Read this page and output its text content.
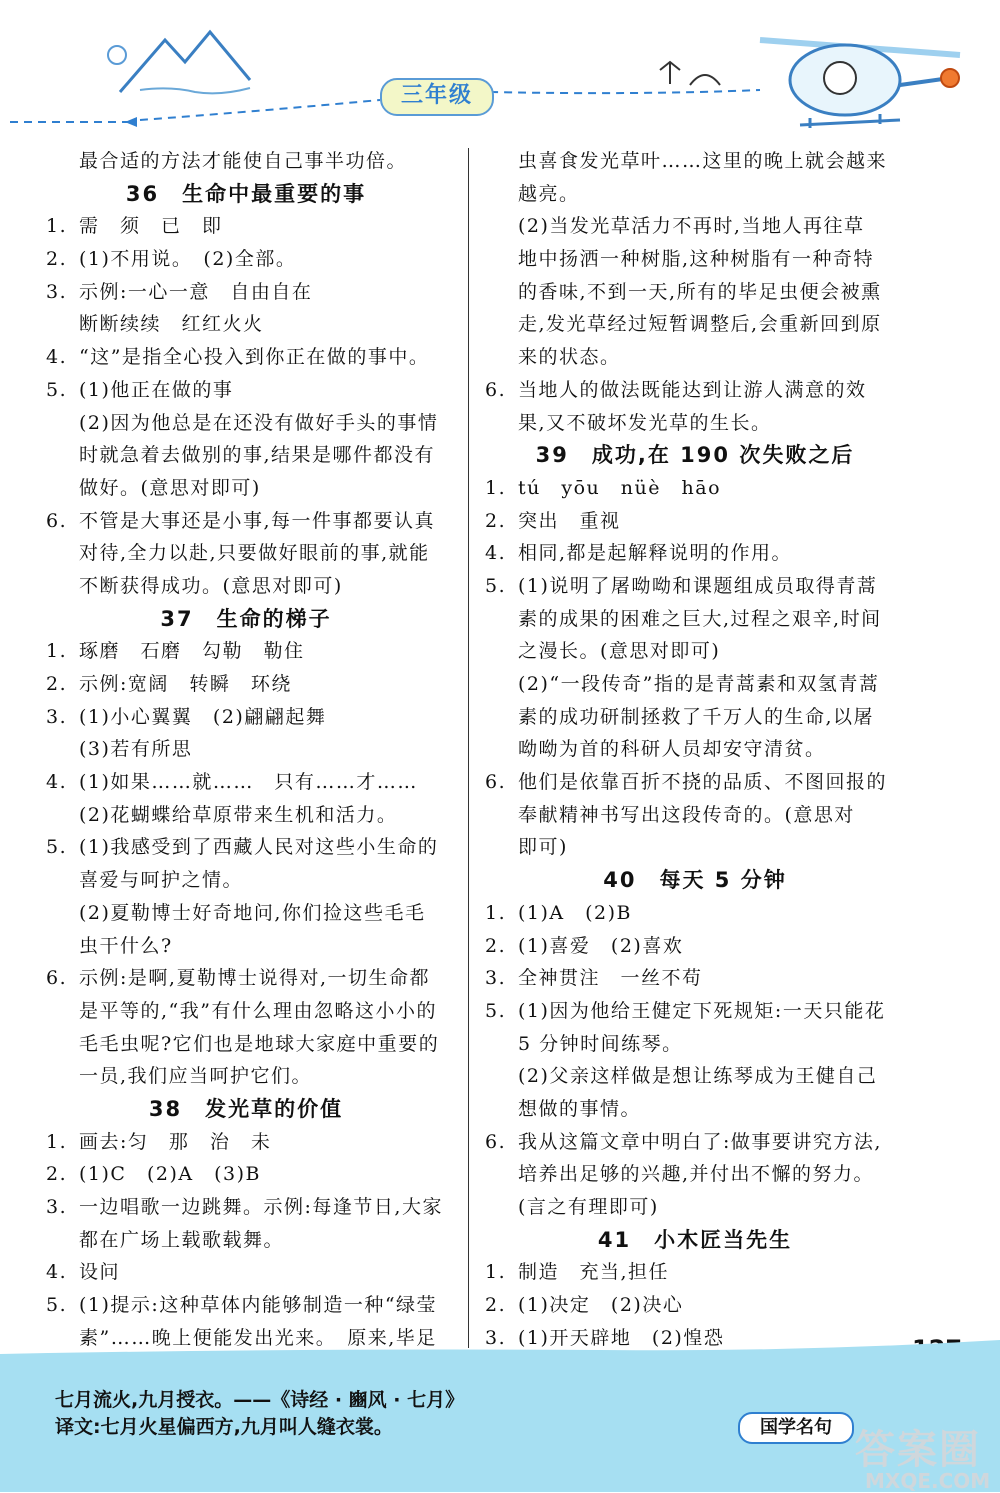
三年级
最合适的方法才能使自己事半功倍。
36　生命中最重要的事
1. 需　须　已　即
2. (1)不用说。　(2)全部。
3. 示例:一心一意　自由自在
断断续续　红红火火
4. “这”是指全心投入到你正在做的事中。
5. (1)他正在做的事
(2)因为他总是在还没有做好手头的事情
时就急着去做别的事,结果是哪件都没有
做好。(意思对即可)
6. 不管是大事还是小事,每一件事都要认真
对待,全力以赴,只要做好眼前的事,就能
不断获得成功。(意思对即可)
37　生命的梯子
1. 琢磨　石磨　勾勒　勒住
2. 示例:宽阔　转瞬　环绕
3. (1)小心翼翼　(2)翩翩起舞
(3)若有所思
4. (1)如果……就……　只有……才……
(2)花蝴蝶给草原带来生机和活力。
5. (1)我感受到了西藏人民对这些小生命的
喜爱与呵护之情。
(2)夏勒博士好奇地问,你们捡这些毛毛
虫干什么?
6. 示例:是啊,夏勒博士说得对,一切生命都
是平等的,“我”有什么理由忽略这小小的
毛毛虫呢?它们也是地球大家庭中重要的
一员,我们应当呵护它们。
38　发光草的价值
1. 画去:匀　那　治　未
2. (1)C　(2)A　(3)B
3. 一边唱歌一边跳舞。示例:每逢节日,大家
都在广场上载歌载舞。
4. 设问
5. (1)提示:这种草体内能够制造一种“绿莹
素”……晚上便能发出光来。　原来,毕足
虫喜食发光草叶……这里的晚上就会越来
越亮。
(2)当发光草活力不再时,当地人再往草
地中扬洒一种树脂,这种树脂有一种奇特
的香味,不到一天,所有的毕足虫便会被熏
走,发光草经过短暂调整后,会重新回到原
来的状态。
6. 当地人的做法既能达到让游人满意的效
果,又不破坏发光草的生长。
39　成功,在 190 次失败之后
1. tú　yōu　nüè　hāo
2. 突出　重视
4. 相同,都是起解释说明的作用。
5. (1)说明了屠呦呦和课题组成员取得青蒿
素的成果的困难之巨大,过程之艰辛,时间
之漫长。(意思对即可)
(2)“一段传奇”指的是青蒿素和双氢青蒿
素的成功研制拯救了千万人的生命,以屠
呦呦为首的科研人员却安守清贫。
6. 他们是依靠百折不挠的品质、不图回报的
奉献精神书写出这段传奇的。(意思对
即可)
40　每天 5 分钟
1. (1)A　(2)B
2. (1)喜爱　(2)喜欢
3. 全神贯注　一丝不苟
5. (1)因为他给王健定下死规矩:一天只能花
5 分钟时间练琴。
(2)父亲这样做是想让练琴成为王健自己
想做的事情。
6. 我从这篇文章中明白了:做事要讲究方法,
培养出足够的兴趣,并付出不懈的努力。
(言之有理即可)
41　小木匠当先生
1. 制造　充当,担任
2. (1)决定　(2)决心
3. (1)开天辟地　(2)惶恐
七月流火,九月授衣。——《诗经 · 豳风 · 七月》
译文:七月火星偏西方,九月叫人缝衣裳。	国学名句 答案圈
MXQE.COM
